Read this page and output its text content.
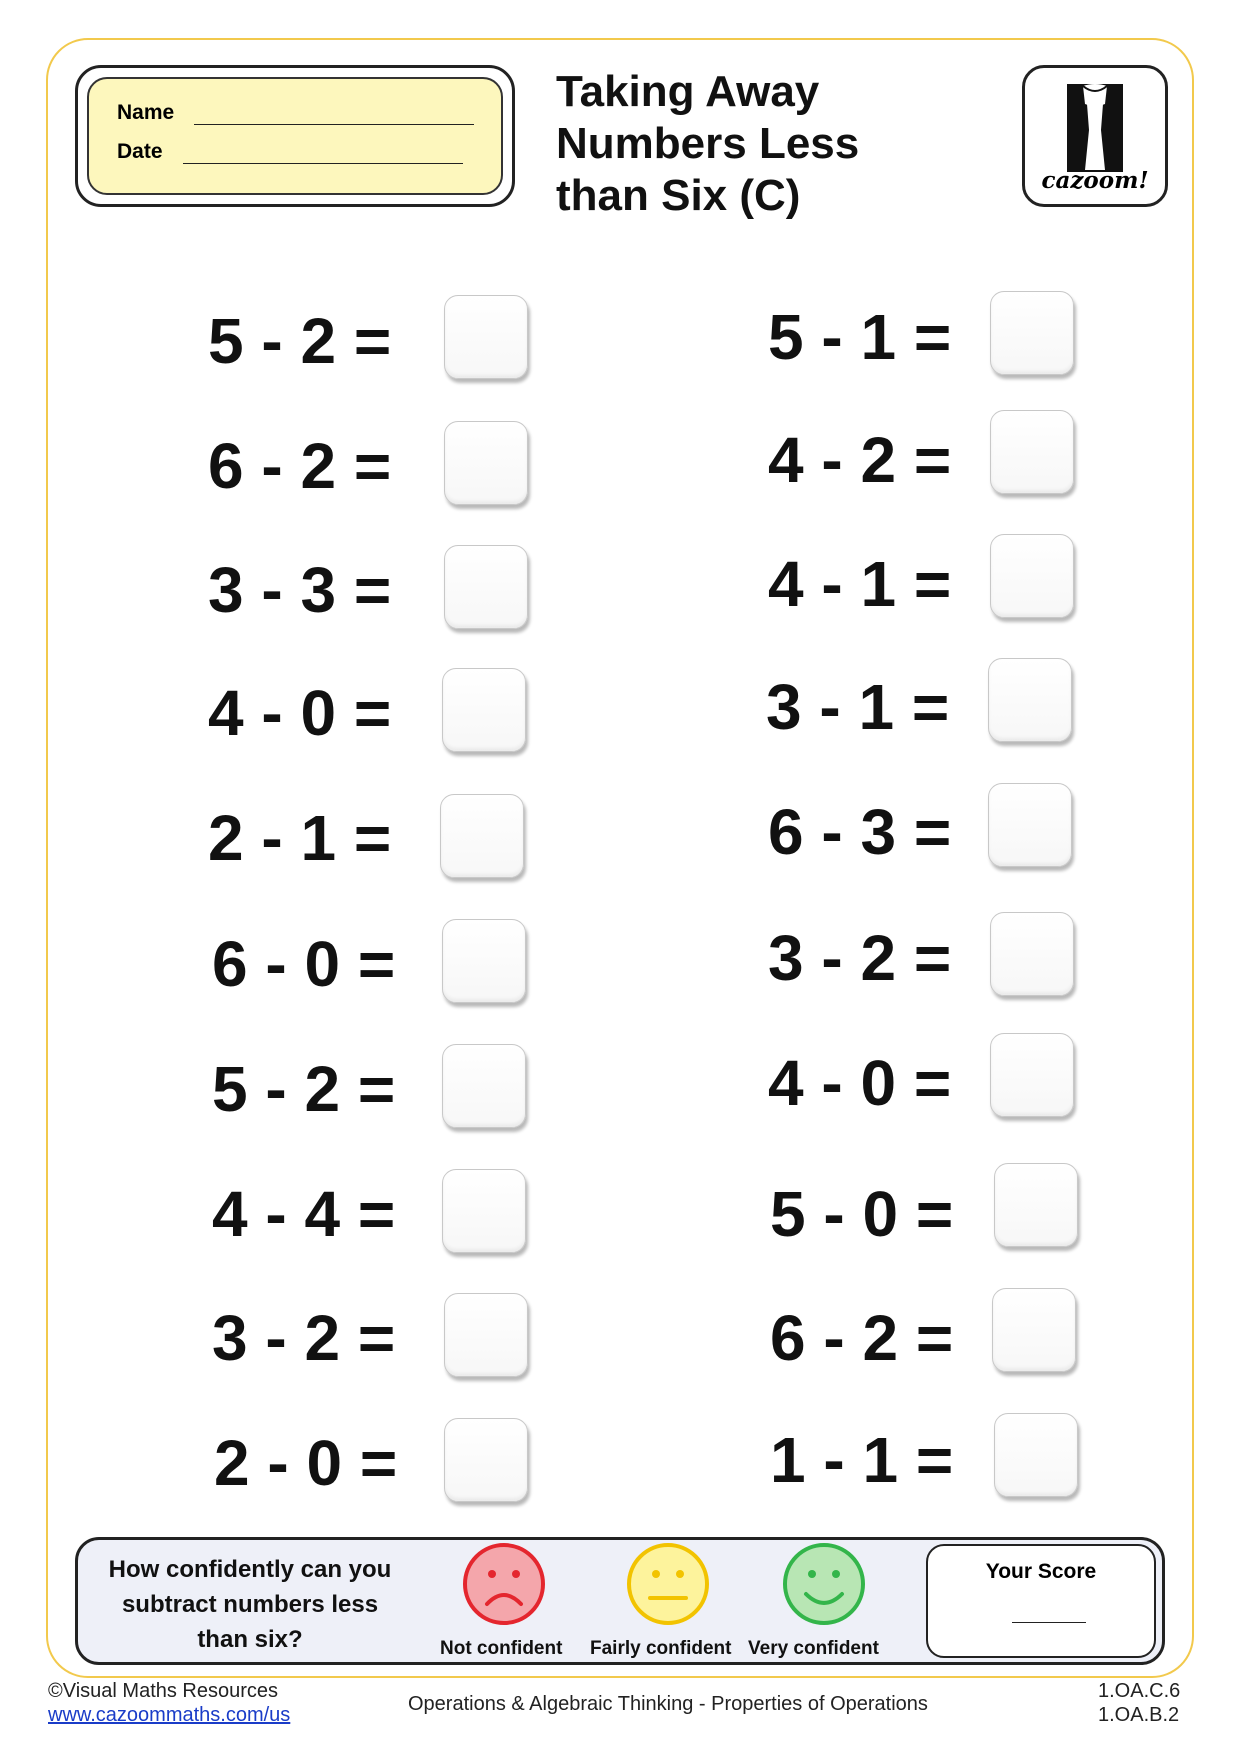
Name
Date
Taking Away
Numbers Less
than Six (C)	cazoom!
5 - 2 =
6 - 2 =
3 - 3 =
4 - 0 =
2 - 1 =
6 - 0 =
5 - 2 =
4 - 4 =
3 - 2 =
2 - 0 =
5 - 1 =
4 - 2 =
4 - 1 =
3 - 1 =
6 - 3 =
3 - 2 =
4 - 0 =
5 - 0 =
6 - 2 =
1 - 1 =
How confidently can you subtract numbers less than six?	Not confident Fairly confident Very confident
Your Score
©Visual Maths Resources
www.cazoommaths.com/us	Operations & Algebraic Thinking - Properties of Operations
1.OA.C.6
1.OA.B.2
